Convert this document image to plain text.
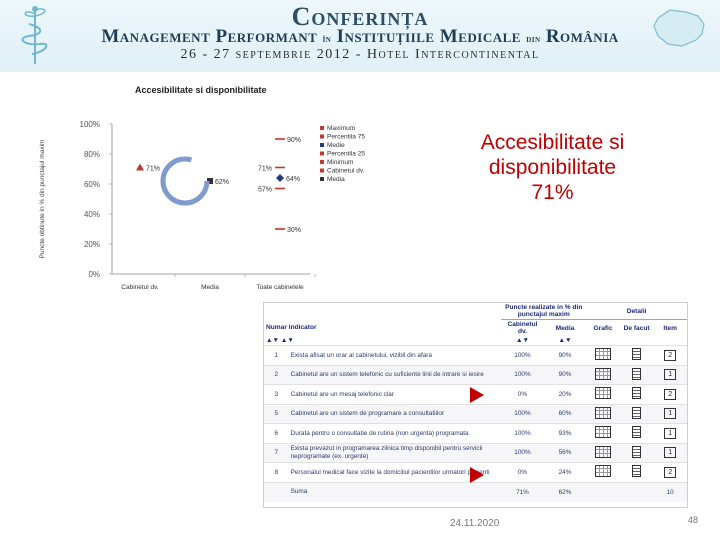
Conferința
Management Performant în Instituțiile Medicale din România
26 - 27 septembrie 2012 - Hotel Intercontinental
Accesibilitate si disponibilitate
0%
20%
40%
60%
80%
100%
Puncte obtinute in % din punctajul maxim
Cabinetul dv.	Media	Toate cabinetele
71%
62%
90%
71%
64%
57%
30%
Maximum
Percentila 75
Medie
Percentila 25
Minimum
Cabinetul dv.
Media
Accesibilitate si
disponibilitate
71%
		Puncte realizate in % din punctajul maxim		Detalii		
Numar Indicator		Cabinetul dv.	Media	Grafic	De facut	Item
▲▼ ▲▼		▲▼	▲▼			
1	Exista afisat un orar al cabinetului, vizibil din afara	100%	90%			2
2	Cabinetul are un sistem telefonic cu suficiente linii de intrare si iesire	100%	90%			1
3	Cabinetul are un mesaj telefonic clar	0%	20%			2
5	Cabinetul are un sistem de programare a consultatiilor	100%	60%			1
6	Durata pentru o consultatie de rutina (non urgenta) programata	100%	93%			1
7	Exista prevazut in programarea zilnica timp disponibil pentru servicii neprogramate (ex. urgente)	100%	56%			1
8	Personalul medical face vizite la domiciliul pacientilor urmatori pacienti	0%	24%			2
	Suma	71%	62%			10
24.11.2020	48
